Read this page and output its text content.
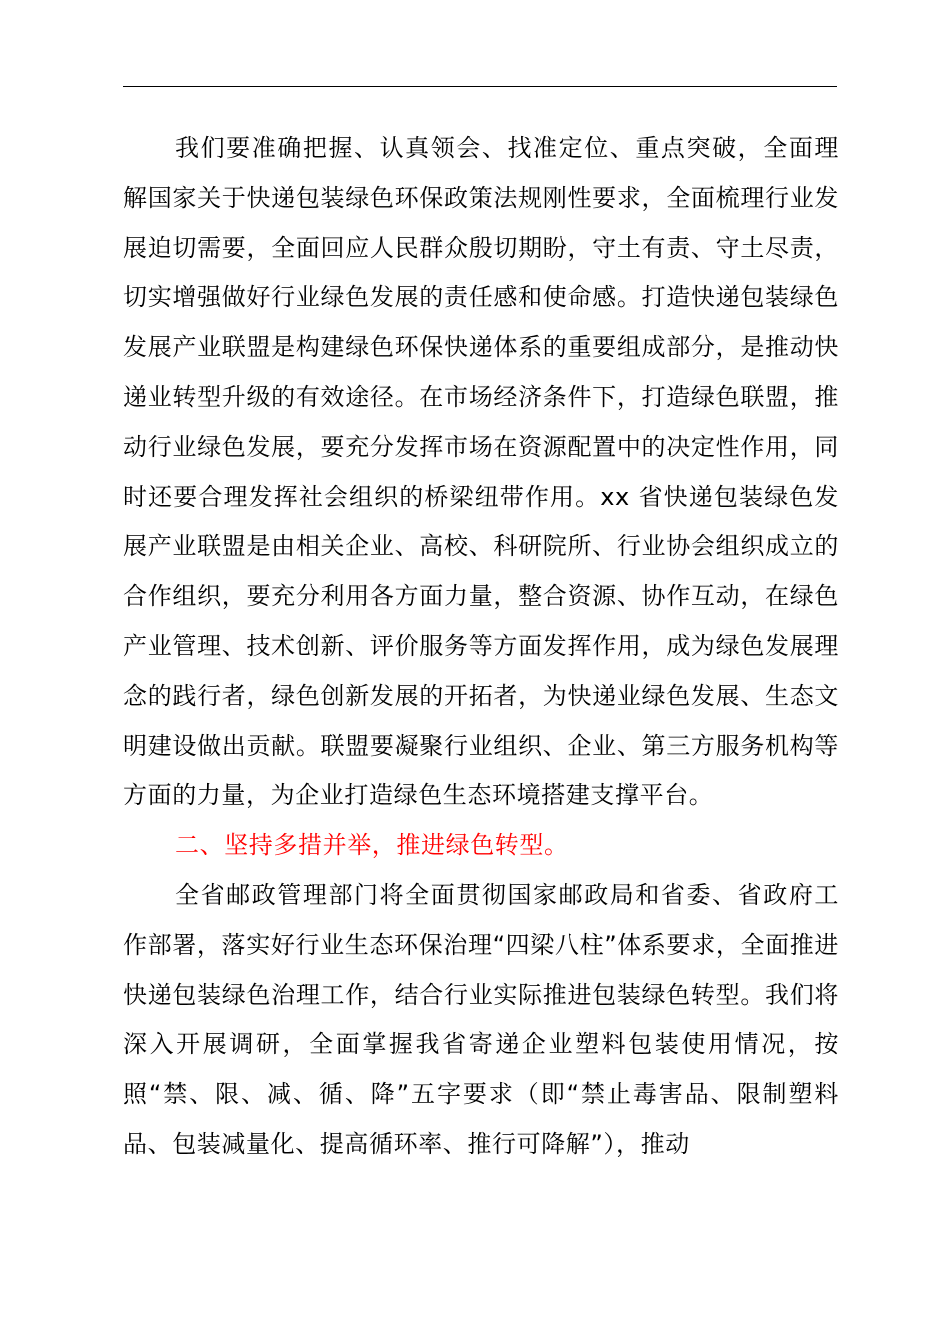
我们要准确把握、认真领会、找准定位、重点突破，全面理解国家关于快递包装绿色环保政策法规刚性要求，全面梳理行业发展迫切需要，全面回应人民群众殷切期盼，守土有责、守土尽责，切实增强做好行业绿色发展的责任感和使命感。打造快递包装绿色发展产业联盟是构建绿色环保快递体系的重要组成部分，是推动快递业转型升级的有效途径。在市场经济条件下，打造绿色联盟，推动行业绿色发展，要充分发挥市场在资源配置中的决定性作用，同时还要合理发挥社会组织的桥梁纽带作用。xx 省快递包装绿色发展产业联盟是由相关企业、高校、科研院所、行业协会组织成立的合作组织，要充分利用各方面力量，整合资源、协作互动，在绿色产业管理、技术创新、评价服务等方面发挥作用，成为绿色发展理念的践行者，绿色创新发展的开拓者，为快递业绿色发展、生态文明建设做出贡献。联盟要凝聚行业组织、企业、第三方服务机构等方面的力量，为企业打造绿色生态环境搭建支撑平台。

二、坚持多措并举，推进绿色转型。

全省邮政管理部门将全面贯彻国家邮政局和省委、省政府工作部署，落实好行业生态环保治理“四梁八柱”体系要求，全面推进快递包装绿色治理工作，结合行业实际推进包装绿色转型。我们将深入开展调研，全面掌握我省寄递企业塑料包装使用情况，按照“禁、限、减、循、降”五字要求（即“禁止毒害品、限制塑料品、包装减量化、提高循环率、推行可降解”），推动
